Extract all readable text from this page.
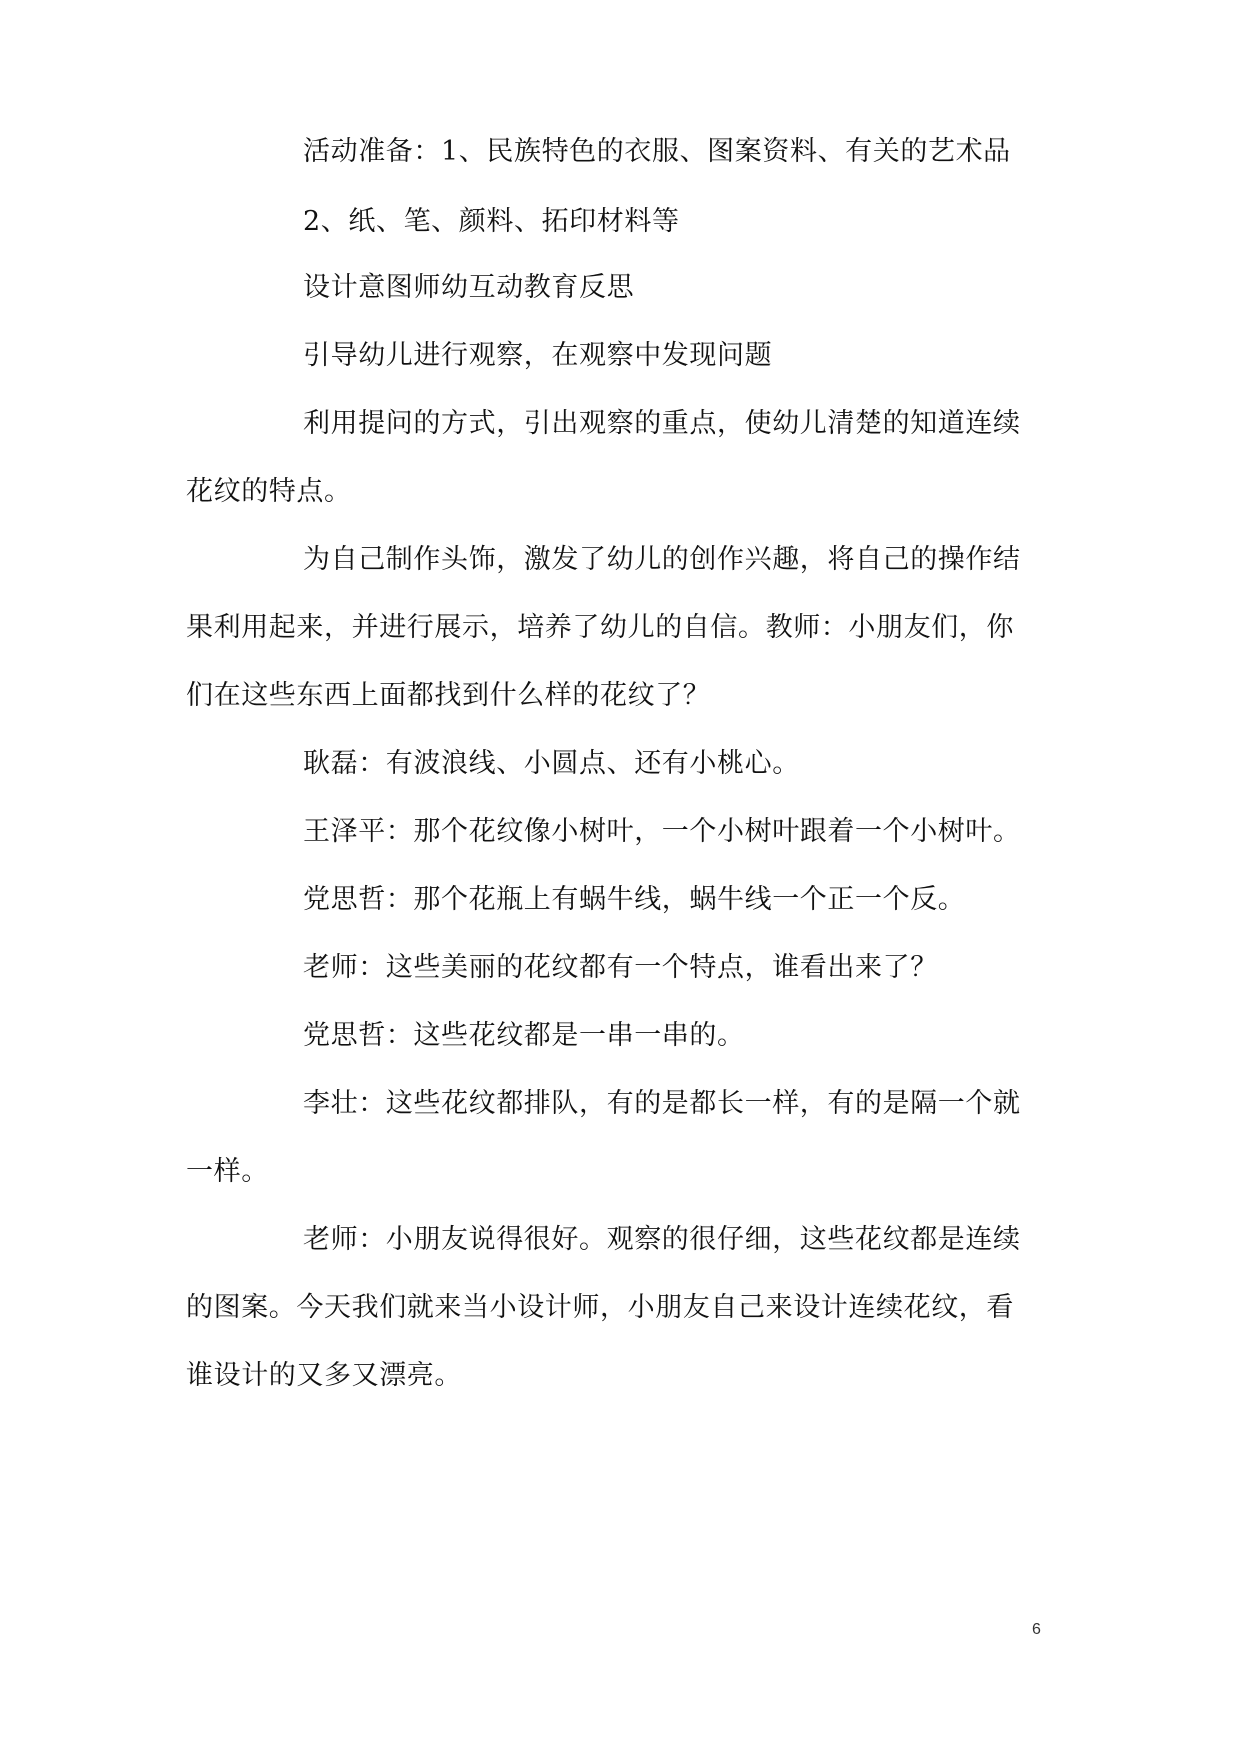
活动准备：1、民族特色的衣服、图案资料、有关的艺术品
2、纸、笔、颜料、拓印材料等
设计意图师幼互动教育反思
引导幼儿进行观察，在观察中发现问题
利用提问的方式，引出观察的重点，使幼儿清楚的知道连续
花纹的特点。
为自己制作头饰，激发了幼儿的创作兴趣，将自己的操作结
果利用起来，并进行展示，培养了幼儿的自信。教师：小朋友们，你
们在这些东西上面都找到什么样的花纹了？
耿磊：有波浪线、小圆点、还有小桃心。
王泽平：那个花纹像小树叶，一个小树叶跟着一个小树叶。
党思哲：那个花瓶上有蜗牛线，蜗牛线一个正一个反。
老师：这些美丽的花纹都有一个特点，谁看出来了？
党思哲：这些花纹都是一串一串的。
李壮：这些花纹都排队，有的是都长一样，有的是隔一个就
一样。
老师：小朋友说得很好。观察的很仔细，这些花纹都是连续
的图案。今天我们就来当小设计师，小朋友自己来设计连续花纹，看
谁设计的又多又漂亮。
6
